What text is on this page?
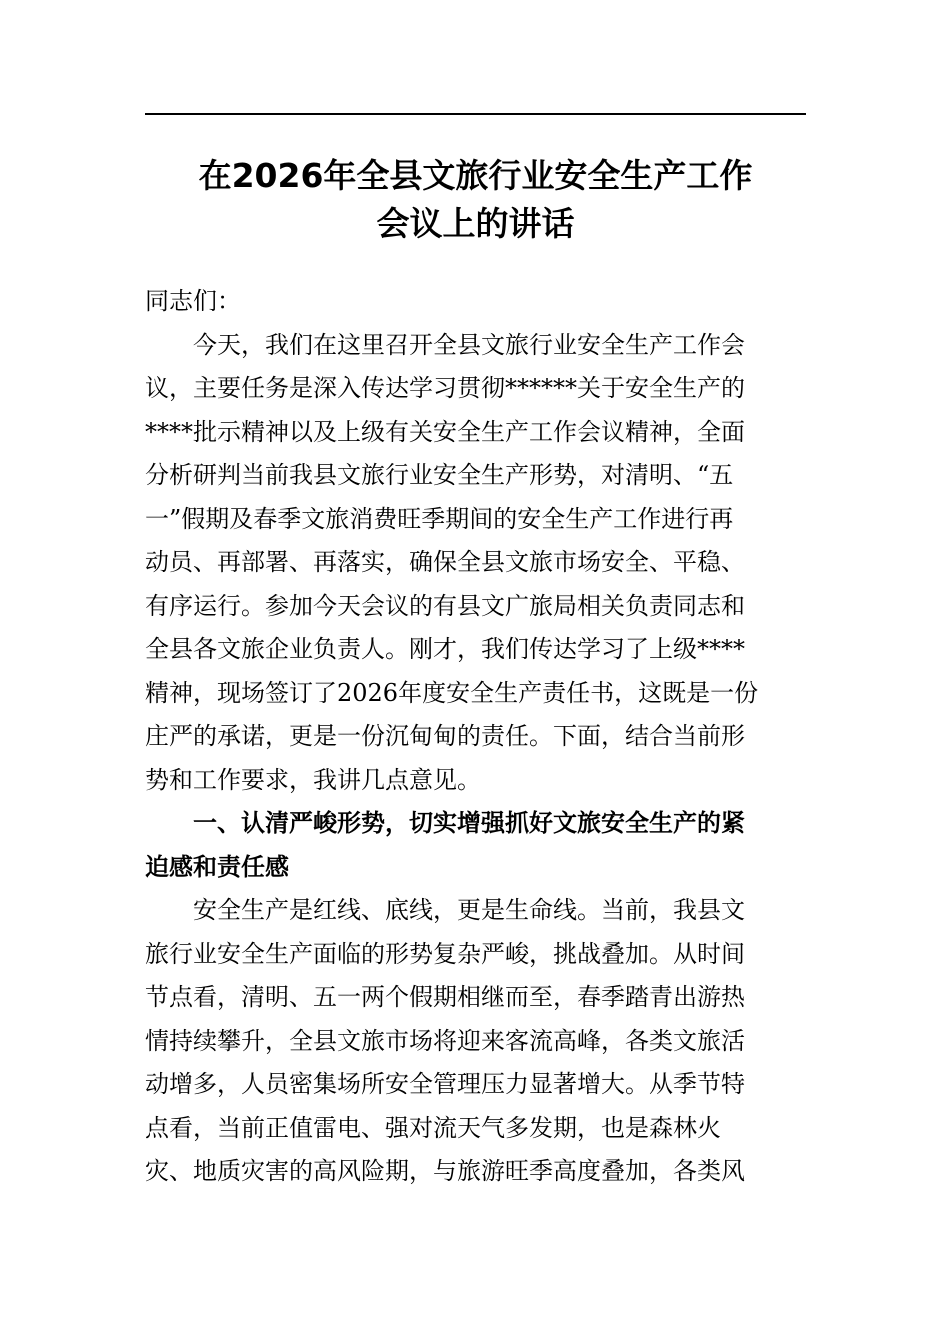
在2026年全县文旅行业安全生产工作
会议上的讲话
同志们：
今天，我们在这里召开全县文旅行业安全生产工作会
议，主要任务是深入传达学习贯彻******关于安全生产的
****批示精神以及上级有关安全生产工作会议精神，全面
分析研判当前我县文旅行业安全生产形势，对清明、“五
一”假期及春季文旅消费旺季期间的安全生产工作进行再
动员、再部署、再落实，确保全县文旅市场安全、平稳、
有序运行。参加今天会议的有县文广旅局相关负责同志和
全县各文旅企业负责人。刚才，我们传达学习了上级****
精神，现场签订了2026年度安全生产责任书，这既是一份
庄严的承诺，更是一份沉甸甸的责任。下面，结合当前形
势和工作要求，我讲几点意见。
一、认清严峻形势，切实增强抓好文旅安全生产的紧
迫感和责任感
安全生产是红线、底线，更是生命线。当前，我县文
旅行业安全生产面临的形势复杂严峻，挑战叠加。从时间
节点看，清明、五一两个假期相继而至，春季踏青出游热
情持续攀升，全县文旅市场将迎来客流高峰，各类文旅活
动增多，人员密集场所安全管理压力显著增大。从季节特
点看，当前正值雷电、强对流天气多发期，也是森林火
灾、地质灾害的高风险期，与旅游旺季高度叠加，各类风
